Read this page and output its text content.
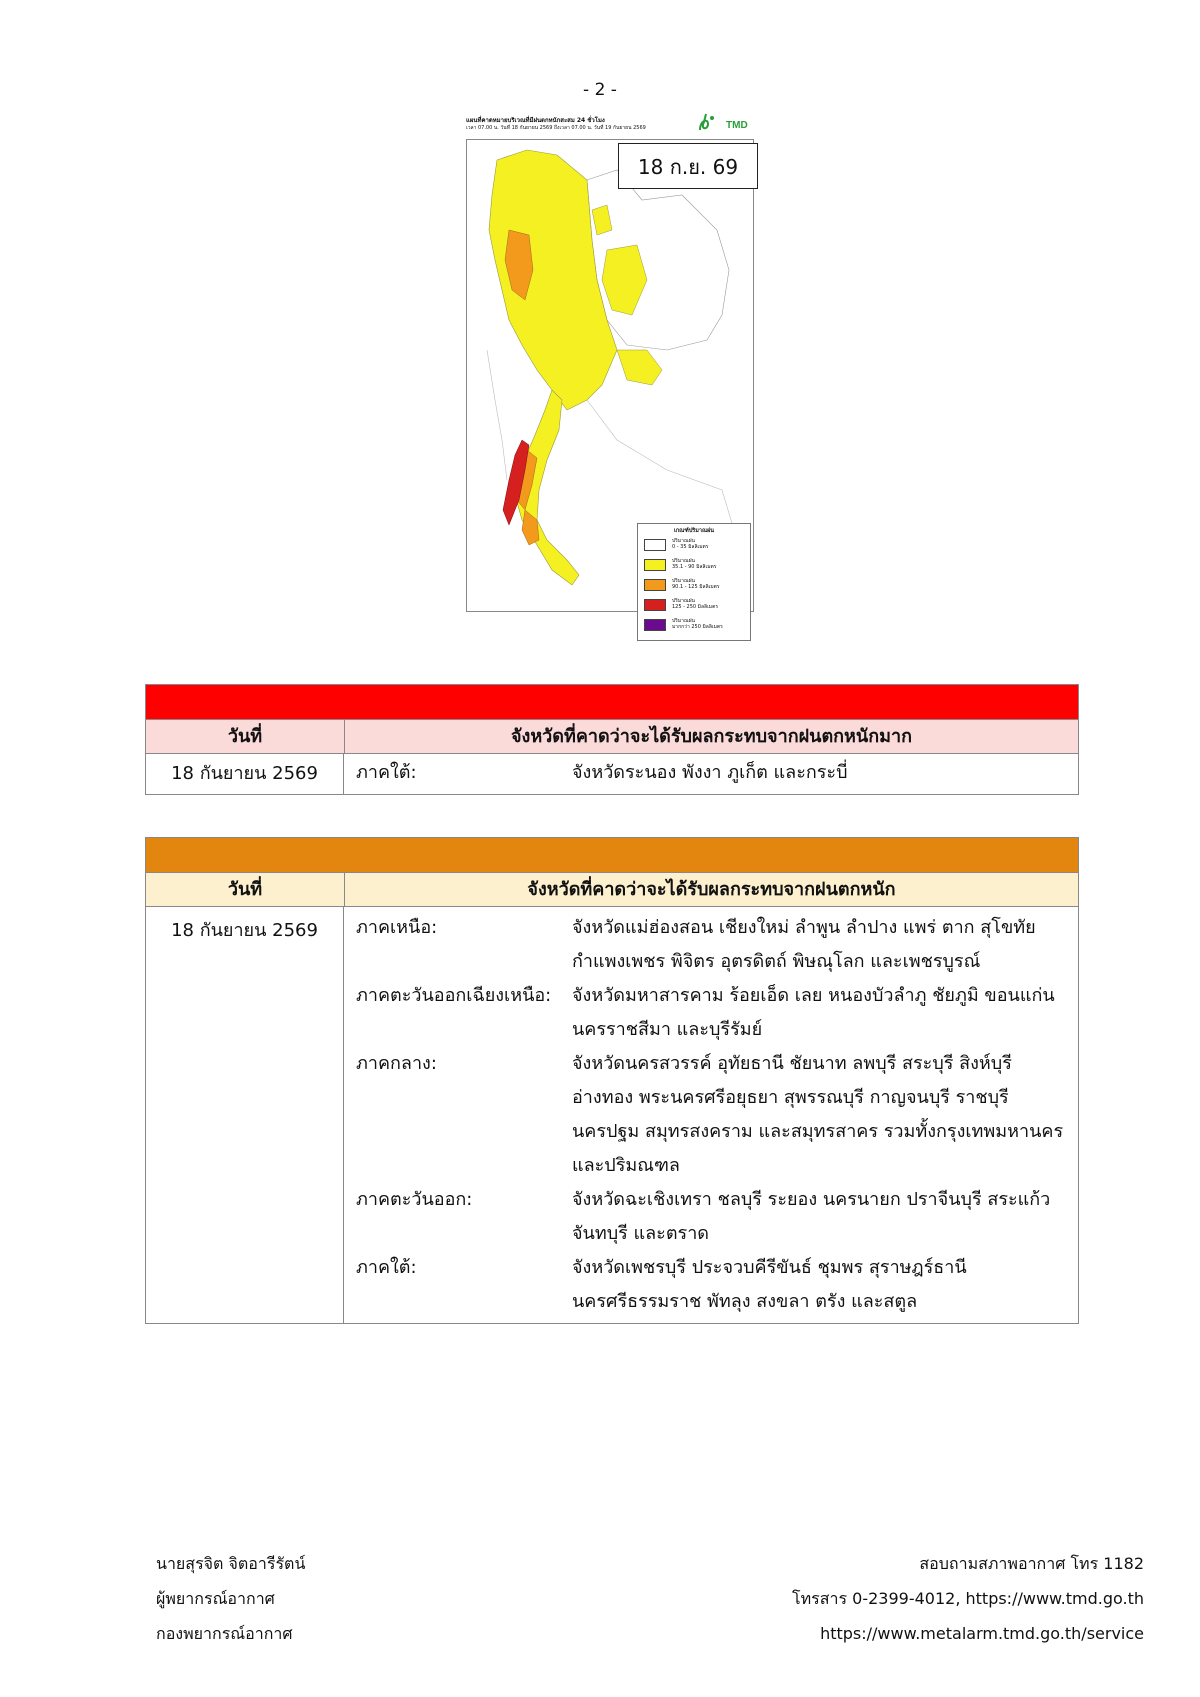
- 2 -
แผนที่คาดหมายบริเวณที่มีฝนตกหนักสะสม 24 ชั่วโมง
เวลา 07.00 น. วันที่ 18 กันยายน 2569 ถึงเวลา 07.00 น. วันที่ 19 กันยายน 2569	TMD
เกณฑ์ปริมาณฝน
ปริมาณฝน
0 - 35 มิลลิเมตร
ปริมาณฝน
35.1 - 90 มิลลิเมตร
ปริมาณฝน
90.1 - 125 มิลลิเมตร
ปริมาณฝน
125 - 250 มิลลิเมตร
ปริมาณฝน
มากกว่า 250 มิลลิเมตร
18 ก.ย. 69
วันที่	จังหวัดที่คาดว่าจะได้รับผลกระทบจากฝนตกหนักมาก
18 กันยายน 2569	ภาคใต้:	จังหวัดระนอง พังงา ภูเก็ต และกระบี่
วันที่	จังหวัดที่คาดว่าจะได้รับผลกระทบจากฝนตกหนัก
18 กันยายน 2569	ภาคเหนือ:	จังหวัดแม่ฮ่องสอน เชียงใหม่ ลำพูน ลำปาง แพร่ ตาก สุโขทัย กำแพงเพชร พิจิตร อุตรดิตถ์ พิษณุโลก และเพชรบูรณ์
ภาคตะวันออกเฉียงเหนือ:	จังหวัดมหาสารคาม ร้อยเอ็ด เลย หนองบัวลำภู ชัยภูมิ ขอนแก่น นครราชสีมา และบุรีรัมย์
ภาคกลาง:	จังหวัดนครสวรรค์ อุทัยธานี ชัยนาท ลพบุรี สระบุรี สิงห์บุรี อ่างทอง พระนครศรีอยุธยา สุพรรณบุรี กาญจนบุรี ราชบุรี นครปฐม สมุทรสงคราม และสมุทรสาคร รวมทั้งกรุงเทพมหานครและปริมณฑล
ภาคตะวันออก:	จังหวัดฉะเชิงเทรา ชลบุรี ระยอง นครนายก ปราจีนบุรี สระแก้ว จันทบุรี และตราด
ภาคใต้:	จังหวัดเพชรบุรี ประจวบคีรีขันธ์ ชุมพร สุราษฎร์ธานี นครศรีธรรมราช พัทลุง สงขลา ตรัง และสตูล
นายสุรจิต จิตอารีรัตน์
ผู้พยากรณ์อากาศ
กองพยากรณ์อากาศ
สอบถามสภาพอากาศ โทร 1182
โทรสาร 0-2399-4012, https://www.tmd.go.th
https://www.metalarm.tmd.go.th/service
